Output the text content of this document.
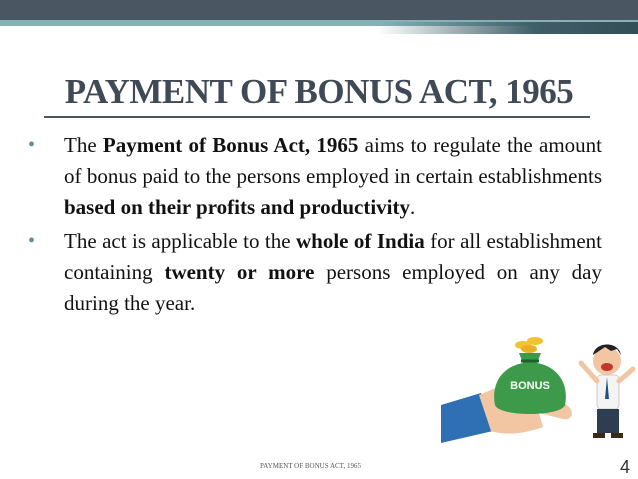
PAYMENT OF BONUS ACT, 1965

• The Payment of Bonus Act, 1965 aims to regulate the amount of bonus paid to the persons employed in certain establishments based on their profits and productivity.

• The act is applicable to the whole of India for all establishment containing twenty or more persons employed on any day during the year.

BONUS
PAYMENT OF BONUS ACT, 1965	4
